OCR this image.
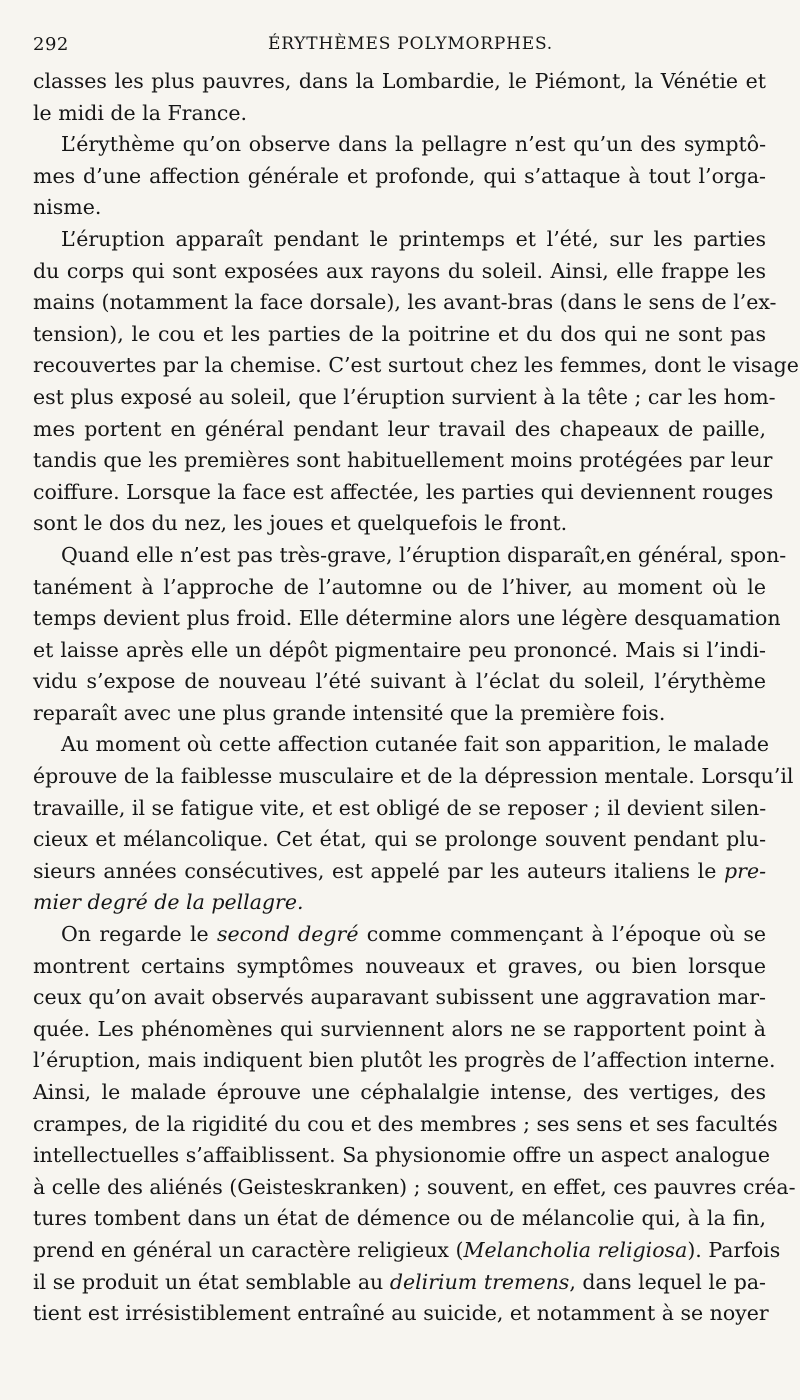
292	ÉRYTHÈMES POLYMORPHES.
classes les plus pauvres, dans la Lombardie, le Piémont, la Vénétie et
le midi de la France.
L’érythème qu’on observe dans la pellagre n’est qu’un des symptô-
mes d’une affection générale et profonde, qui s’attaque à tout l’orga-
nisme.
L’éruption apparaît pendant le printemps et l’été, sur les parties
du corps qui sont exposées aux rayons du soleil. Ainsi, elle frappe les
mains (notamment la face dorsale), les avant-bras (dans le sens de l’ex-
tension), le cou et les parties de la poitrine et du dos qui ne sont pas
recouvertes par la chemise. C’est surtout chez les femmes, dont le visage
est plus exposé au soleil, que l’éruption survient à la tête ; car les hom-
mes portent en général pendant leur travail des chapeaux de paille,
tandis que les premières sont habituellement moins protégées par leur
coiffure. Lorsque la face est affectée, les parties qui deviennent rouges
sont le dos du nez, les joues et quelquefois le front.
Quand elle n’est pas très-grave, l’éruption disparaît,en général, spon-
tanément à l’approche de l’automne ou de l’hiver, au moment où le
temps devient plus froid. Elle détermine alors une légère desquamation
et laisse après elle un dépôt pigmentaire peu prononcé. Mais si l’indi-
vidu s’expose de nouveau l’été suivant à l’éclat du soleil, l’érythème
reparaît avec une plus grande intensité que la première fois.
Au moment où cette affection cutanée fait son apparition, le malade
éprouve de la faiblesse musculaire et de la dépression mentale. Lorsqu’il
travaille, il se fatigue vite, et est obligé de se reposer ; il devient silen-
cieux et mélancolique. Cet état, qui se prolonge souvent pendant plu-
sieurs années consécutives, est appelé par les auteurs italiens le pre-
mier degré de la pellagre.
On regarde le second degré comme commençant à l’époque où se
montrent certains symptômes nouveaux et graves, ou bien lorsque
ceux qu’on avait observés auparavant subissent une aggravation mar-
quée. Les phénomènes qui surviennent alors ne se rapportent point à
l’éruption, mais indiquent bien plutôt les progrès de l’affection interne.
Ainsi, le malade éprouve une céphalalgie intense, des vertiges, des
crampes, de la rigidité du cou et des membres ; ses sens et ses facultés
intellectuelles s’affaiblissent. Sa physionomie offre un aspect analogue
à celle des aliénés (Geisteskranken) ; souvent, en effet, ces pauvres créa-
tures tombent dans un état de démence ou de mélancolie qui, à la fin,
prend en général un caractère religieux (Melancholia religiosa). Parfois
il se produit un état semblable au delirium tremens, dans lequel le pa-
tient est irrésistiblement entraîné au suicide, et notamment à se noyer
